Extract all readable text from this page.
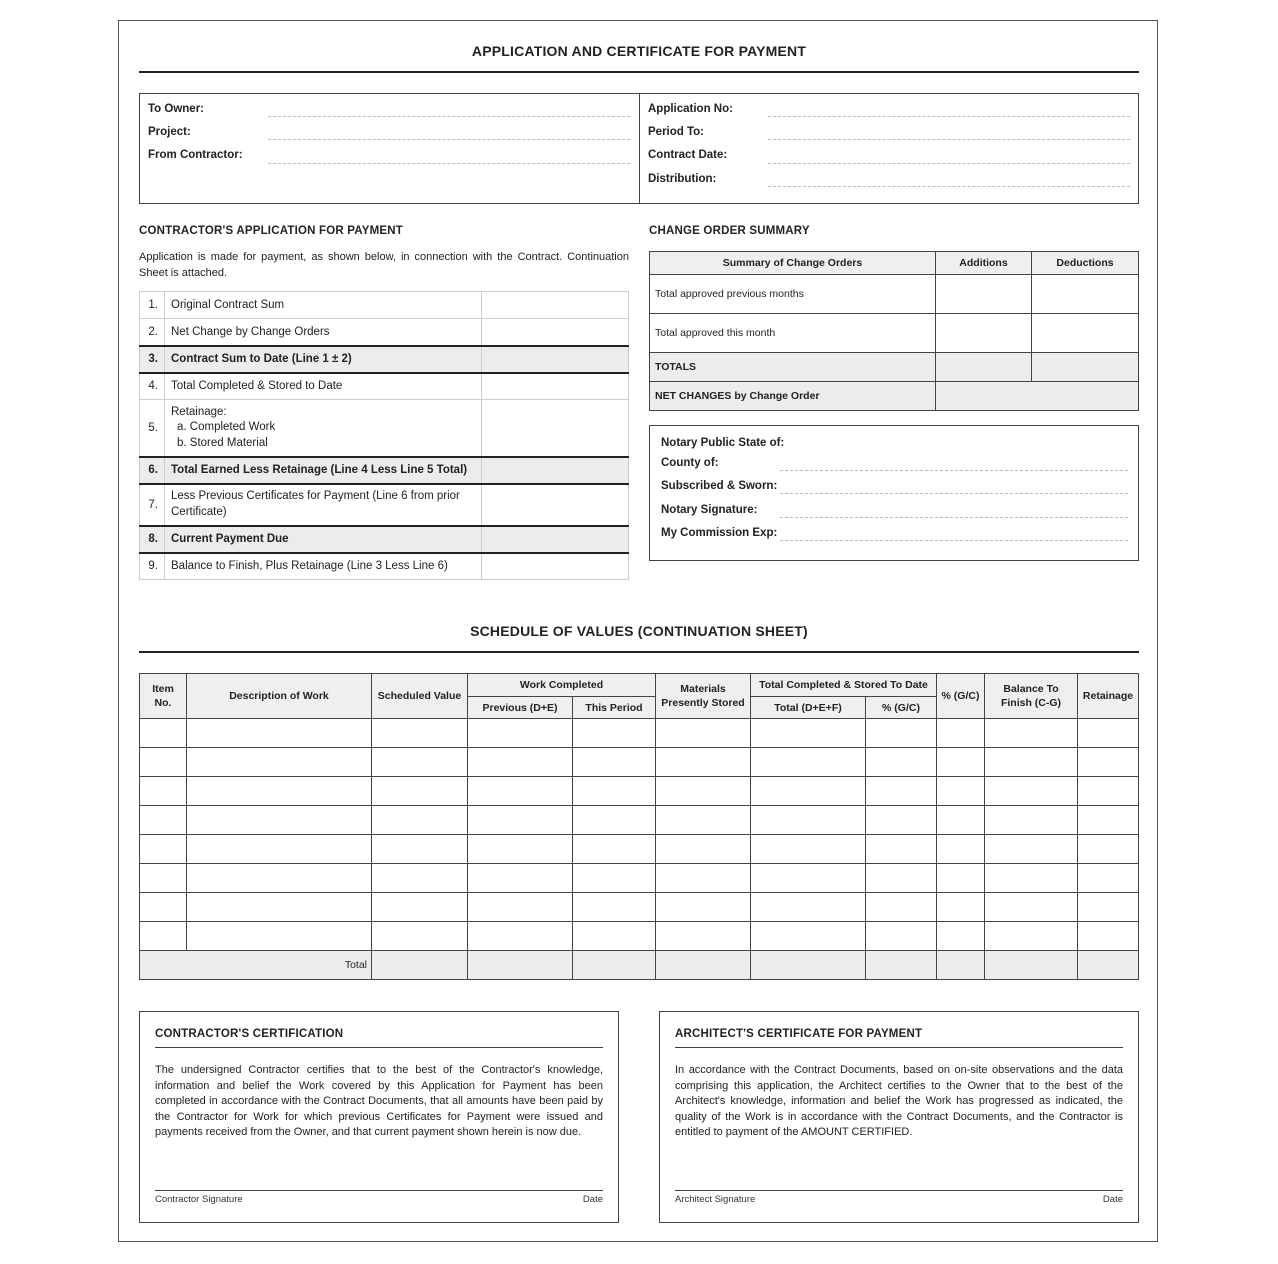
APPLICATION AND CERTIFICATE FOR PAYMENT
To Owner:
Project:
From Contractor:
Application No:
Period To:
Contract Date:
Distribution:
CONTRACTOR'S APPLICATION FOR PAYMENT
Application is made for payment, as shown below, in connection with the Contract. Continuation Sheet is attached.
1.	Original Contract Sum	
2.	Net Change by Change Orders	
3.	Contract Sum to Date (Line 1 ± 2)	
4.	Total Completed & Stored to Date	
5.	Retainage:
a. Completed Work
b. Stored Material	

6.	Total Earned Less Retainage (Line 4 Less Line 5 Total)	
7.	Less Previous Certificates for Payment (Line 6 from prior Certificate)	
8.	Current Payment Due	
9.	Balance to Finish, Plus Retainage (Line 3 Less Line 6)	
CHANGE ORDER SUMMARY
Summary of Change Orders	Additions	Deductions
Total approved previous months		
Total approved this month		
TOTALS		
NET CHANGES by Change Order		
Notary Public State of:
County of:
Subscribed & Sworn:
Notary Signature:
My Commission Exp:
SCHEDULE OF VALUES (CONTINUATION SHEET)
Item No.	Description of Work	Scheduled Value	Work Completed		Materials Presently Stored	Total Completed & Stored To Date		% (G/C)	Balance To Finish (C-G)	Retainage
			Previous (D+E)	This Period		Total (D+E+F)	% (G/C)			

Total										
CONTRACTOR'S CERTIFICATION
The undersigned Contractor certifies that to the best of the Contractor's knowledge, information and belief the Work covered by this Application for Payment has been completed in accordance with the Contract Documents, that all amounts have been paid by the Contractor for Work for which previous Certificates for Payment were issued and payments received from the Owner, and that current payment shown herein is now due.
Contractor Signature	Date
ARCHITECT'S CERTIFICATE FOR PAYMENT
In accordance with the Contract Documents, based on on-site observations and the data comprising this application, the Architect certifies to the Owner that to the best of the Architect's knowledge, information and belief the Work has progressed as indicated, the quality of the Work is in accordance with the Contract Documents, and the Contractor is entitled to payment of the AMOUNT CERTIFIED.
Architect Signature	Date
